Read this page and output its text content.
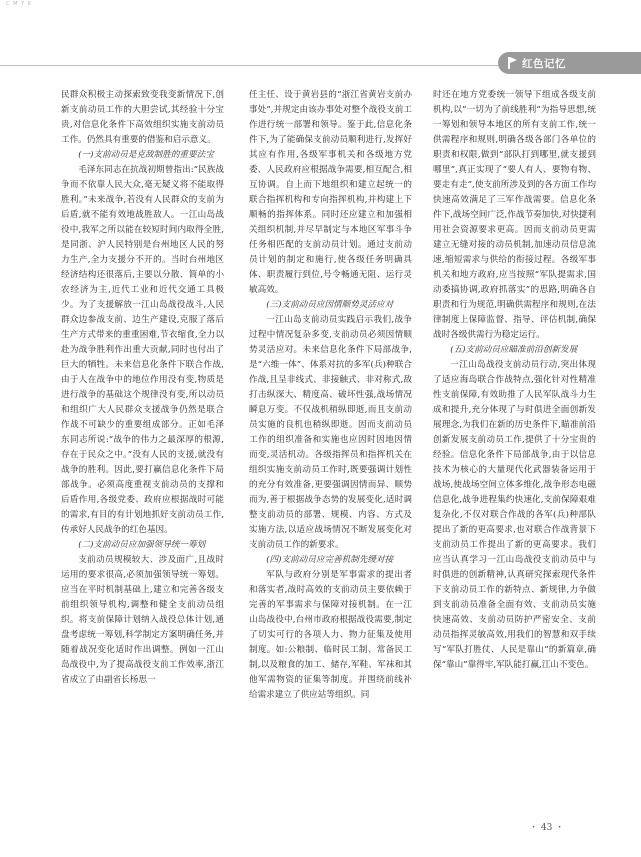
C M Y K
红色记忆

民群众积极主动探索致变我变新情况下,创新支前动员工作的大胆尝试,其经验十分宝贵,对信息化条件下高效组织实施支前动员工作。仍然具有重要的借鉴和启示意义。

(一)支前动员是克敌制胜的重要法宝

毛泽东同志在抗战初期曾指出:“民族战争而不依靠人民大众,毫无疑义将不能取得胜利。”未来战争,若没有人民群众的支前为后盾,就不能有效地战胜敌人。一江山岛战役中,我军之所以能在较短时间内取得全胜,是同浙、沪人民特别是台州地区人民的努力生产,全力支援分不开的。当时台州地区经济结构还很落后,主要以分散、简单的小农经济为主,近代工业和近代交通工具极少。为了支援解放一江山岛战役战斗,人民群众边参战支前、边生产建设,克服了落后生产方式带来的重重困难,节衣缩食,全力以赴为战争胜利作出重大贡献,同时也付出了巨大的牺牲。未来信息化条件下联合作战,由于人在战争中的地位作用没有变,物质是进行战争的基础这个规律没有变,所以动员和组织广大人民群众支援战争仍然是联合作战不可缺少的重要组成部分。正如毛泽东同志所说:“战争的伟力之最深厚的根源,存在于民众之中。”没有人民的支援,就没有战争的胜利。因此,要打赢信息化条件下局部战争。必须高度重视支前动员的支撑和后盾作用,各级党委、政府应根据战时可能的需求,有目的有计划地抓好支前动员工作,传承好人民战争的红色基因。

(二)支前动员应加强领导统一筹划

支前动员规模较大、涉及面广,且战时运用的要求很高,必须加强领导统一筹划。应当在平时机制基础上,建立和完善各级支前组织领导机构,调整和健全支前动员组织。将支前保障计划纳入战役总体计划,通盘考虑统一筹划,科学制定方案明确任务,并随着战况变化适时作出调整。例如一江山岛战役中,为了提高战役支前工作效率,浙江省成立了由副省长杨思一

任主任、设于黄岩县的“浙江省黄岩支前办事处”,并规定由该办事处对整个战役支前工作进行统一部署和领导。鉴于此,信息化条件下,为了能确保支前动员顺利进行,发挥好其应有作用,各级军事机关和各级地方党委、人民政府应根据战争需要,相互配合,相互协调。自上而下地组织和建立起统一的联合指挥机构和专向指挥机构,并构建上下顺畅的指挥体系。同时还应建立和加强相关组织机制,并尽早制定与本地区军事斗争任务相匹配的支前动员计划。通过支前动员计划的制定和施行,使各级任务明确具体、职责履行到位,号令畅通无阻、运行灵敏高效。

(三)支前动员应因情顺势灵活应对

一江山岛支前动员实践启示我们,战争过程中情况复杂多变,支前动员必须因情顺势灵活应对。未来信息化条件下局部战争,是“六维一体”、体系对抗的多军(兵)种联合作战,且呈非线式、非接触式、非对称式,敌打击纵深大、精度高、破坏性强,战场情况瞬息万变。不仅战机稍纵即逝,而且支前动员实施的良机也稍纵即逝。因而支前动员工作的组织准备和实施也应因时因地因情而变,灵活机动。各级指挥员和指挥机关在组织实施支前动员工作时,既要强调计划性的充分有效准备,更要强调因情而异、顺势而为,善于根据战争态势的发展变化,适时调整支前动员的部署、规模、内容、方式及实施方法,以适应战场情况不断发展变化对支前动员工作的新要求。

(四)支前动员应完善机制先缓对接

军队与政府分别是军事需求的提出者和落实者,战时高效的支前动员主要依赖于完善的军事需求与保障对接机制。在一江山岛战役中,台州市政府根据战役需要,制定了切实可行的各项人力、物力征集及使用制度。如:公粮制、临时民工制、常备民工制,以及粮食的加工、储存,军鞋、军袜和其他军需物资的征集等制度。并围绕前线补给需求建立了供应站等组织。同

时还在地方党委统一领导下组成各级支前机构,以“一切为了前线胜利”为指导思想,统一筹划和领导本地区的所有支前工作,统一供需程序和规则,明确各级各部门各单位的职责和权限,做到“部队打到哪里,就支援到哪里”,真正实现了“要人有人、要物有物、要走有走”,使支前所涉及到的各方面工作均快速高效满足了三军作战需要。信息化条件下,战场空间广泛,作战节奏加快,对快捷利用社会资源要求更高。因而支前动员更需建立无缝对接的动员机制,加速动员信息流速,缩短需求与供给的衔接过程。各级军事机关和地方政府,应当按照“军队提需求,国动委搞协调,政府抓落实”的思路,明确各自职责和行为规范,明确供需程序和规则,在法律制度上保障监督、指导、评估机制,确保战时各级供需行为稳定运行。

(五)支前动员应瞄准前沿创新发展

一江山岛战役支前动员行动,突出体现了适应海岛联合作战特点,强化针对性精准性支前保障,有效助推了人民军队战斗力生成和提升,充分体现了与时俱进全面创新发展理念,为我们在新的历史条件下,瞄准前沿创新发展支前动员工作,提供了十分宝贵的经验。信息化条件下局部战争,由于以信息技术为核心的大量现代化武器装备运用于战场,使战场空间立体多维化,战争形态电磁信息化,战争进程集约快速化,支前保障艰难复杂化,不仅对联合作战的各军(兵)种部队提出了新的更高要求,也对联合作战背景下支前动员工作提出了新的更高要求。我们应当认真学习一江山岛战役支前动员中与时俱进的创新精神,认真研究探索现代条件下支前动员工作的新特点、新规律,力争做到支前动员准备全面有效、支前动员实施快速高效、支前动员防护严密安全、支前动员指挥灵敏高效,用我们的智慧和双手续写“军队打胜仗、人民是靠山”的新篇章,确保“靠山”靠得牢,军队能打赢,江山不变色。

・ 43 ・
